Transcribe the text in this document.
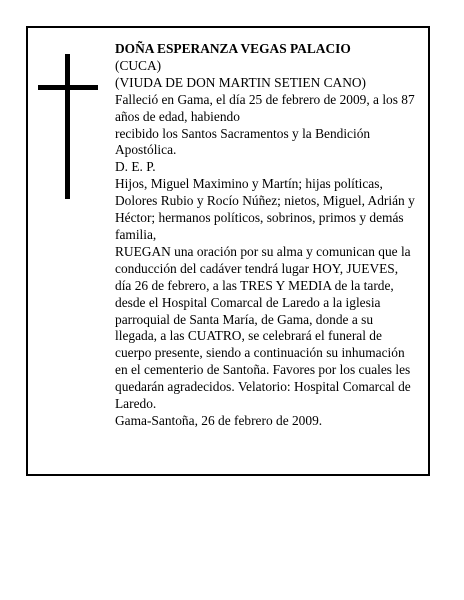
DOÑA ESPERANZA VEGAS PALACIO
(CUCA)
(VIUDA DE DON MARTIN SETIEN CANO)
Falleció en Gama, el día 25 de febrero de 2009, a los 87
años de edad, habiendo
recibido los Santos Sacramentos y la Bendición
Apostólica.
D. E. P.
Hijos, Miguel Maximino y Martín; hijas políticas,
Dolores Rubio y Rocío Núñez; nietos, Miguel, Adrián y
Héctor; hermanos políticos, sobrinos, primos y demás
familia,
RUEGAN una oración por su alma y comunican que la
conducción del cadáver tendrá lugar HOY, JUEVES,
día 26 de febrero, a las TRES Y MEDIA de la tarde,
desde el Hospital Comarcal de Laredo a la iglesia
parroquial de Santa María, de Gama, donde a su
llegada, a las CUATRO, se celebrará el funeral de
cuerpo presente, siendo a continuación su inhumación
en el cementerio de Santoña. Favores por los cuales les
quedarán agradecidos. Velatorio: Hospital Comarcal de
Laredo.
Gama-Santoña, 26 de febrero de 2009.
